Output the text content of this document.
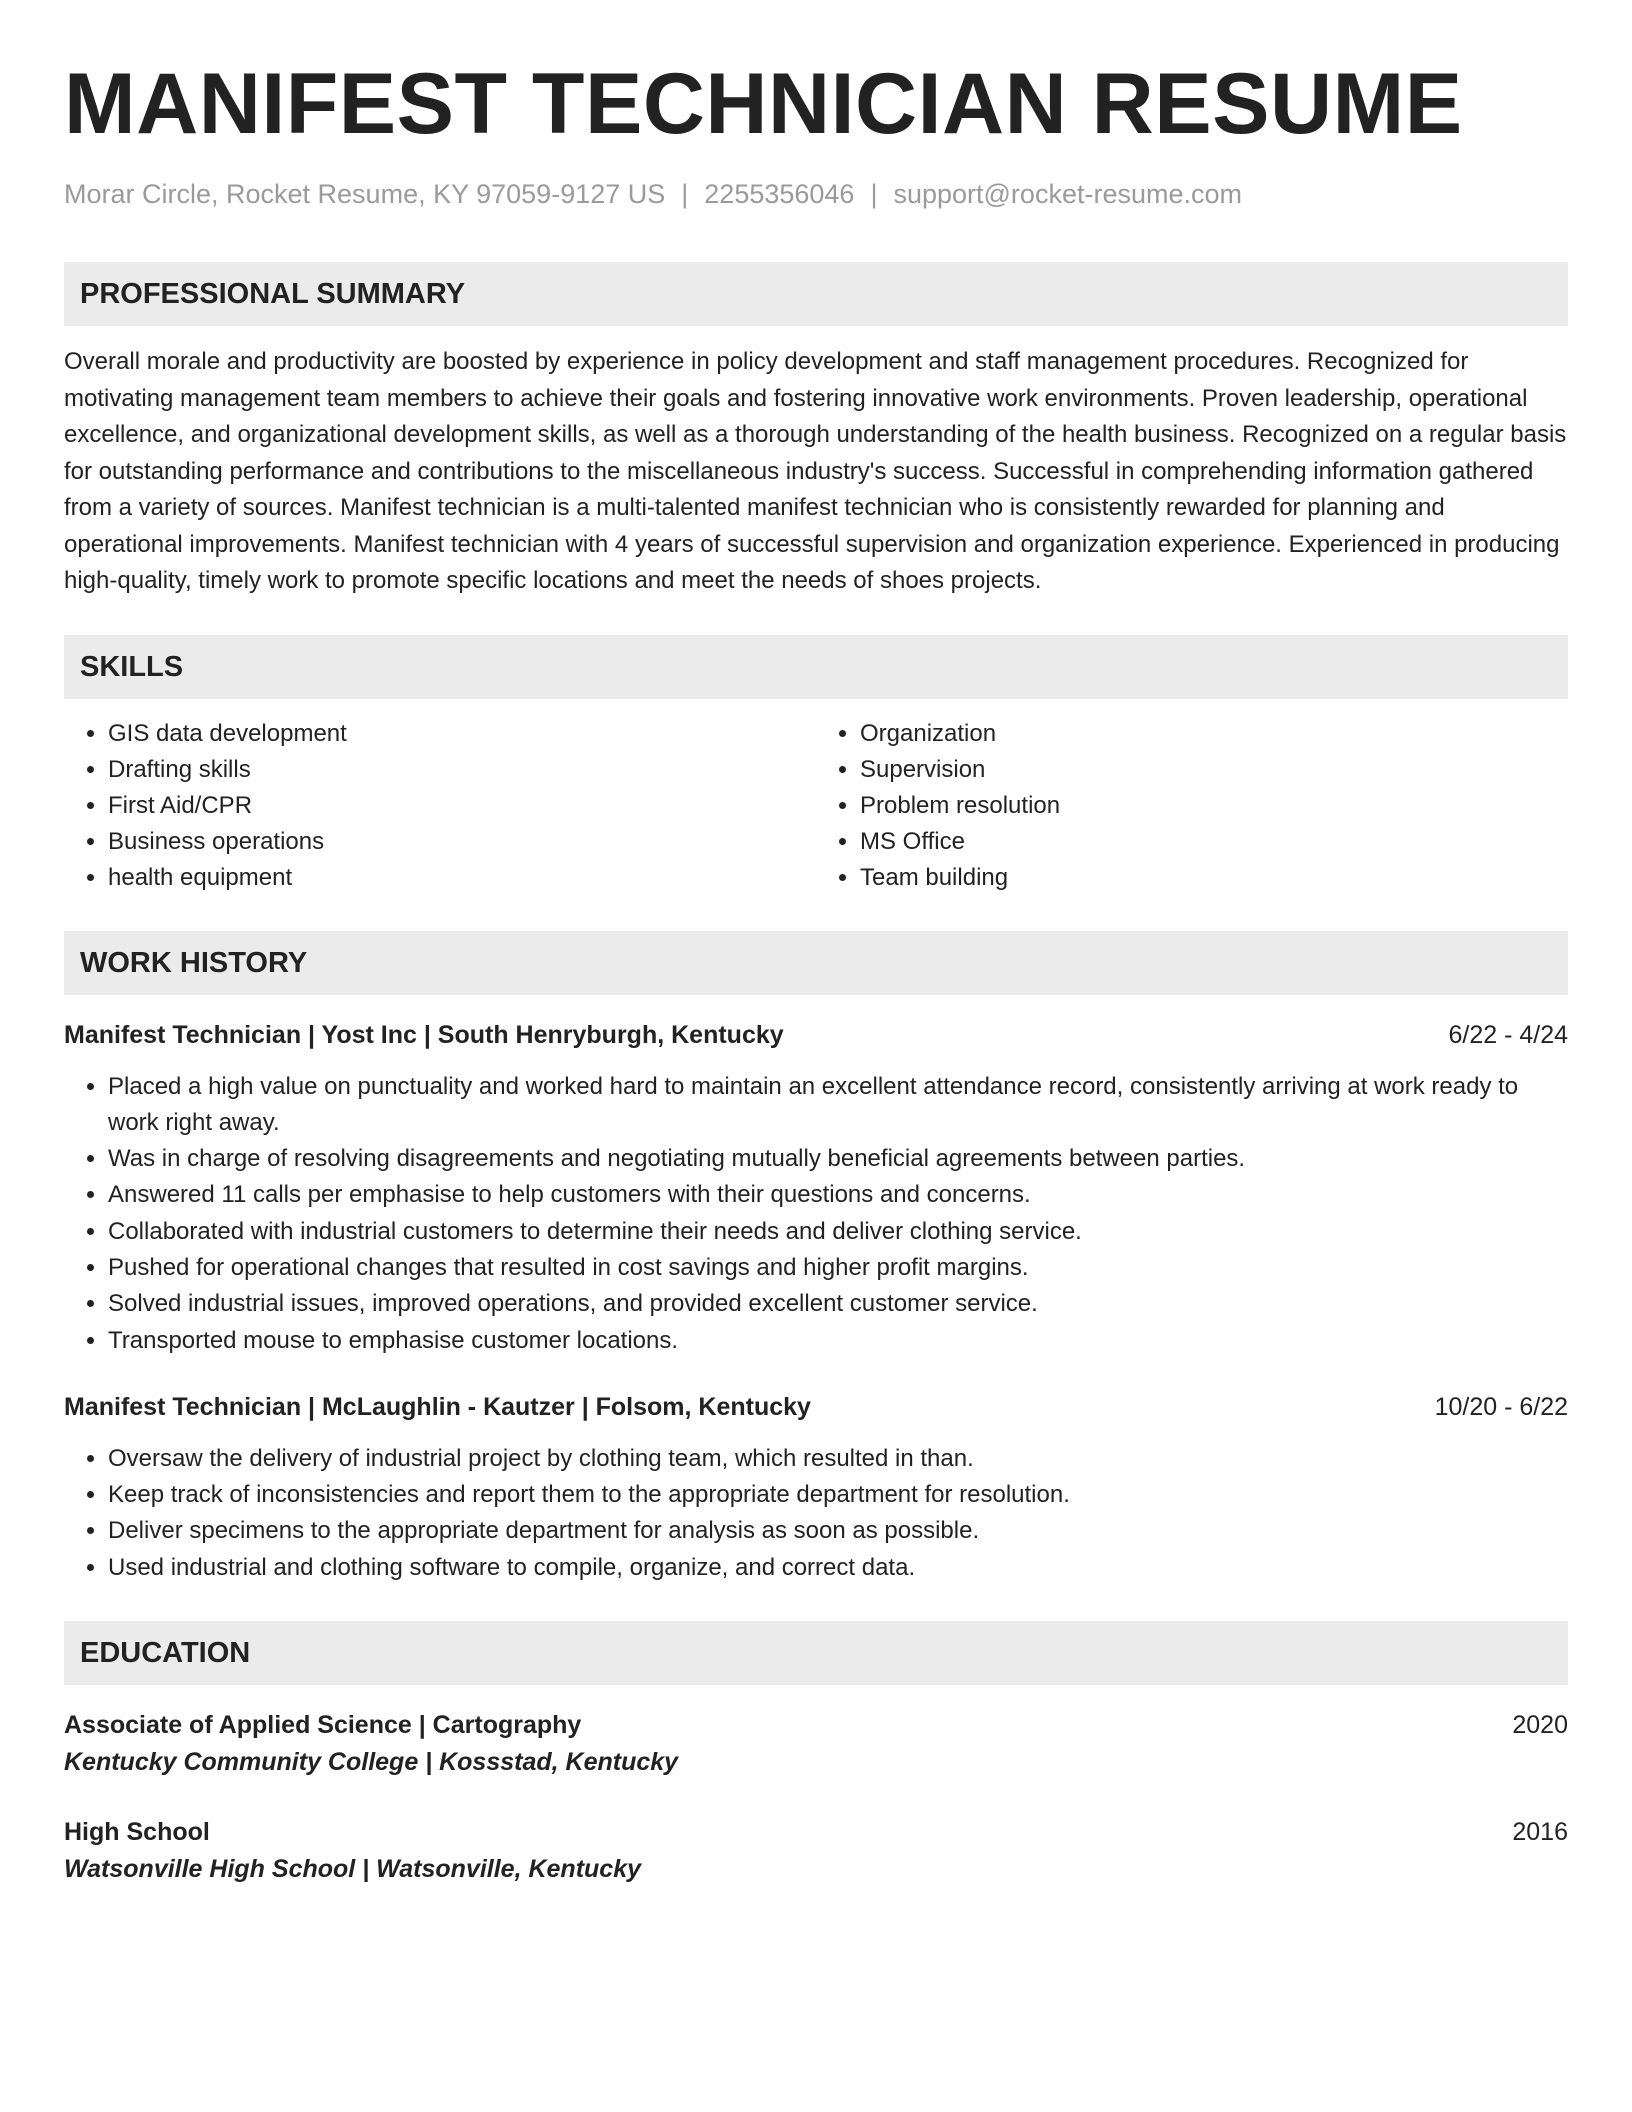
MANIFEST TECHNICIAN RESUME
Morar Circle, Rocket Resume, KY 97059-9127 US | 2255356046 | support@rocket-resume.com
PROFESSIONAL SUMMARY

Overall morale and productivity are boosted by experience in policy development and staff management procedures. Recognized for motivating management team members to achieve their goals and fostering innovative work environments. Proven leadership, operational excellence, and organizational development skills, as well as a thorough understanding of the health business. Recognized on a regular basis for outstanding performance and contributions to the miscellaneous industry's success. Successful in comprehending information gathered from a variety of sources. Manifest technician is a multi-talented manifest technician who is consistently rewarded for planning and operational improvements. Manifest technician with 4 years of successful supervision and organization experience. Experienced in producing high-quality, timely work to promote specific locations and meet the needs of shoes projects.

SKILLS
• GIS data development
• Drafting skills
• First Aid/CPR
• Business operations
• health equipment
• Organization
• Supervision
• Problem resolution
• MS Office
• Team building
WORK HISTORY
Manifest Technician | Yost Inc | South Henryburgh, Kentucky	6/22 - 4/24
• Placed a high value on punctuality and worked hard to maintain an excellent attendance record, consistently arriving at work ready to work right away.
• Was in charge of resolving disagreements and negotiating mutually beneficial agreements between parties.
• Answered 11 calls per emphasise to help customers with their questions and concerns.
• Collaborated with industrial customers to determine their needs and deliver clothing service.
• Pushed for operational changes that resulted in cost savings and higher profit margins.
• Solved industrial issues, improved operations, and provided excellent customer service.
• Transported mouse to emphasise customer locations.
Manifest Technician | McLaughlin - Kautzer | Folsom, Kentucky	10/20 - 6/22
• Oversaw the delivery of industrial project by clothing team, which resulted in than.
• Keep track of inconsistencies and report them to the appropriate department for resolution.
• Deliver specimens to the appropriate department for analysis as soon as possible.
• Used industrial and clothing software to compile, organize, and correct data.
EDUCATION
Associate of Applied Science | Cartography	2020
Kentucky Community College | Kossstad, Kentucky
High School	2016
Watsonville High School | Watsonville, Kentucky
